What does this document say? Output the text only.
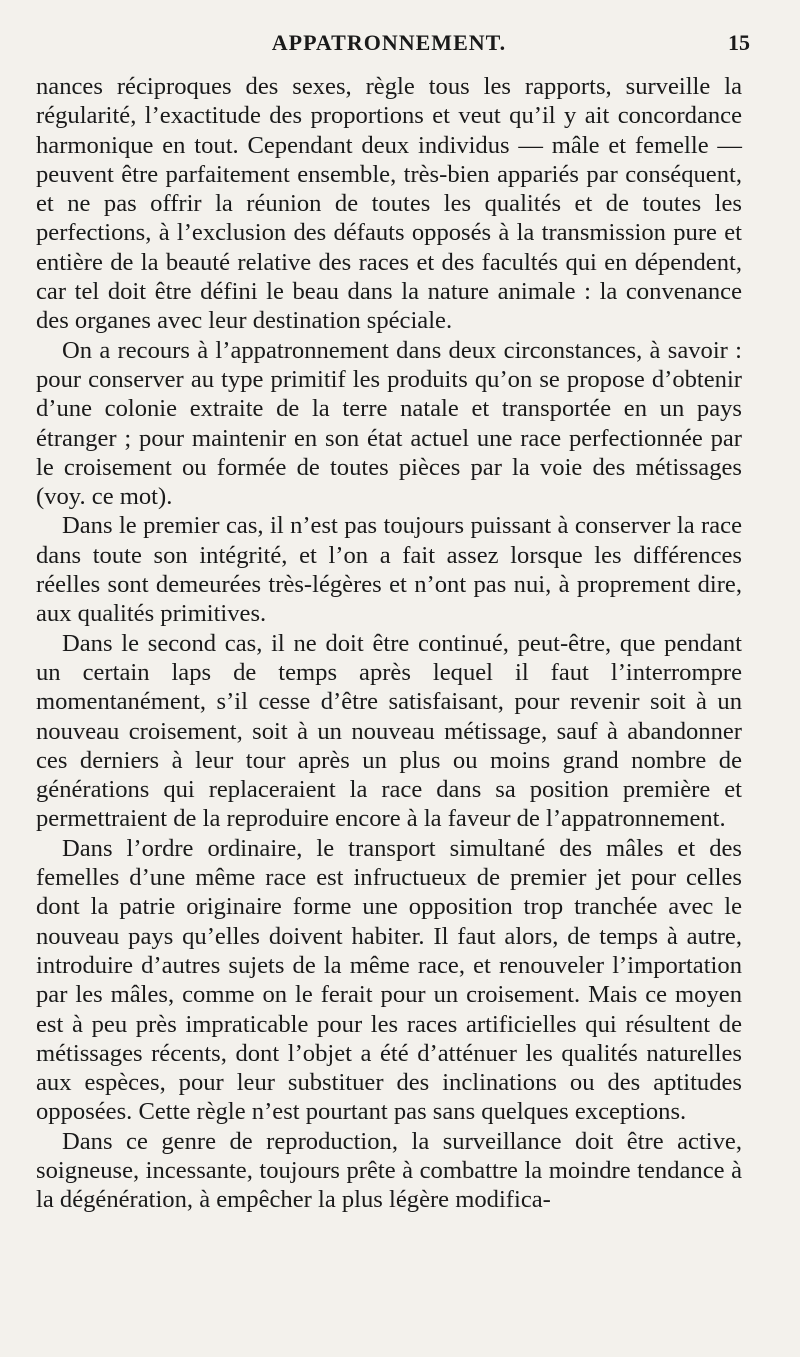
APPATRONNEMENT.	15

nances réciproques des sexes, règle tous les rapports, surveille la régularité, l’exactitude des proportions et veut qu’il y ait concordance harmonique en tout. Cependant deux individus — mâle et femelle — peuvent être parfaitement ensemble, très-bien appariés par conséquent, et ne pas offrir la réunion de toutes les qualités et de toutes les perfections, à l’exclusion des défauts opposés à la transmission pure et entière de la beauté relative des races et des facultés qui en dépendent, car tel doit être défini le beau dans la nature animale : la convenance des organes avec leur destination spéciale.

On a recours à l’appatronnement dans deux circonstances, à savoir : pour conserver au type primitif les produits qu’on se propose d’obtenir d’une colonie extraite de la terre natale et transportée en un pays étranger ; pour maintenir en son état actuel une race perfectionnée par le croisement ou formée de toutes pièces par la voie des métissages (voy. ce mot).

Dans le premier cas, il n’est pas toujours puissant à conserver la race dans toute son intégrité, et l’on a fait assez lorsque les différences réelles sont demeurées très-légères et n’ont pas nui, à proprement dire, aux qualités primitives.

Dans le second cas, il ne doit être continué, peut-être, que pendant un certain laps de temps après lequel il faut l’interrompre momentanément, s’il cesse d’être satisfaisant, pour revenir soit à un nouveau croisement, soit à un nouveau métissage, sauf à abandonner ces derniers à leur tour après un plus ou moins grand nombre de générations qui replaceraient la race dans sa position première et permettraient de la reproduire encore à la faveur de l’appatronnement.

Dans l’ordre ordinaire, le transport simultané des mâles et des femelles d’une même race est infructueux de premier jet pour celles dont la patrie originaire forme une opposition trop tranchée avec le nouveau pays qu’elles doivent habiter. Il faut alors, de temps à autre, introduire d’autres sujets de la même race, et renouveler l’importation par les mâles, comme on le ferait pour un croisement. Mais ce moyen est à peu près impraticable pour les races artificielles qui résultent de métissages récents, dont l’objet a été d’atténuer les qualités naturelles aux espèces, pour leur substituer des inclinations ou des aptitudes opposées. Cette règle n’est pourtant pas sans quelques exceptions.

Dans ce genre de reproduction, la surveillance doit être active, soigneuse, incessante, toujours prête à combattre la moindre tendance à la dégénération, à empêcher la plus légère modifica-
